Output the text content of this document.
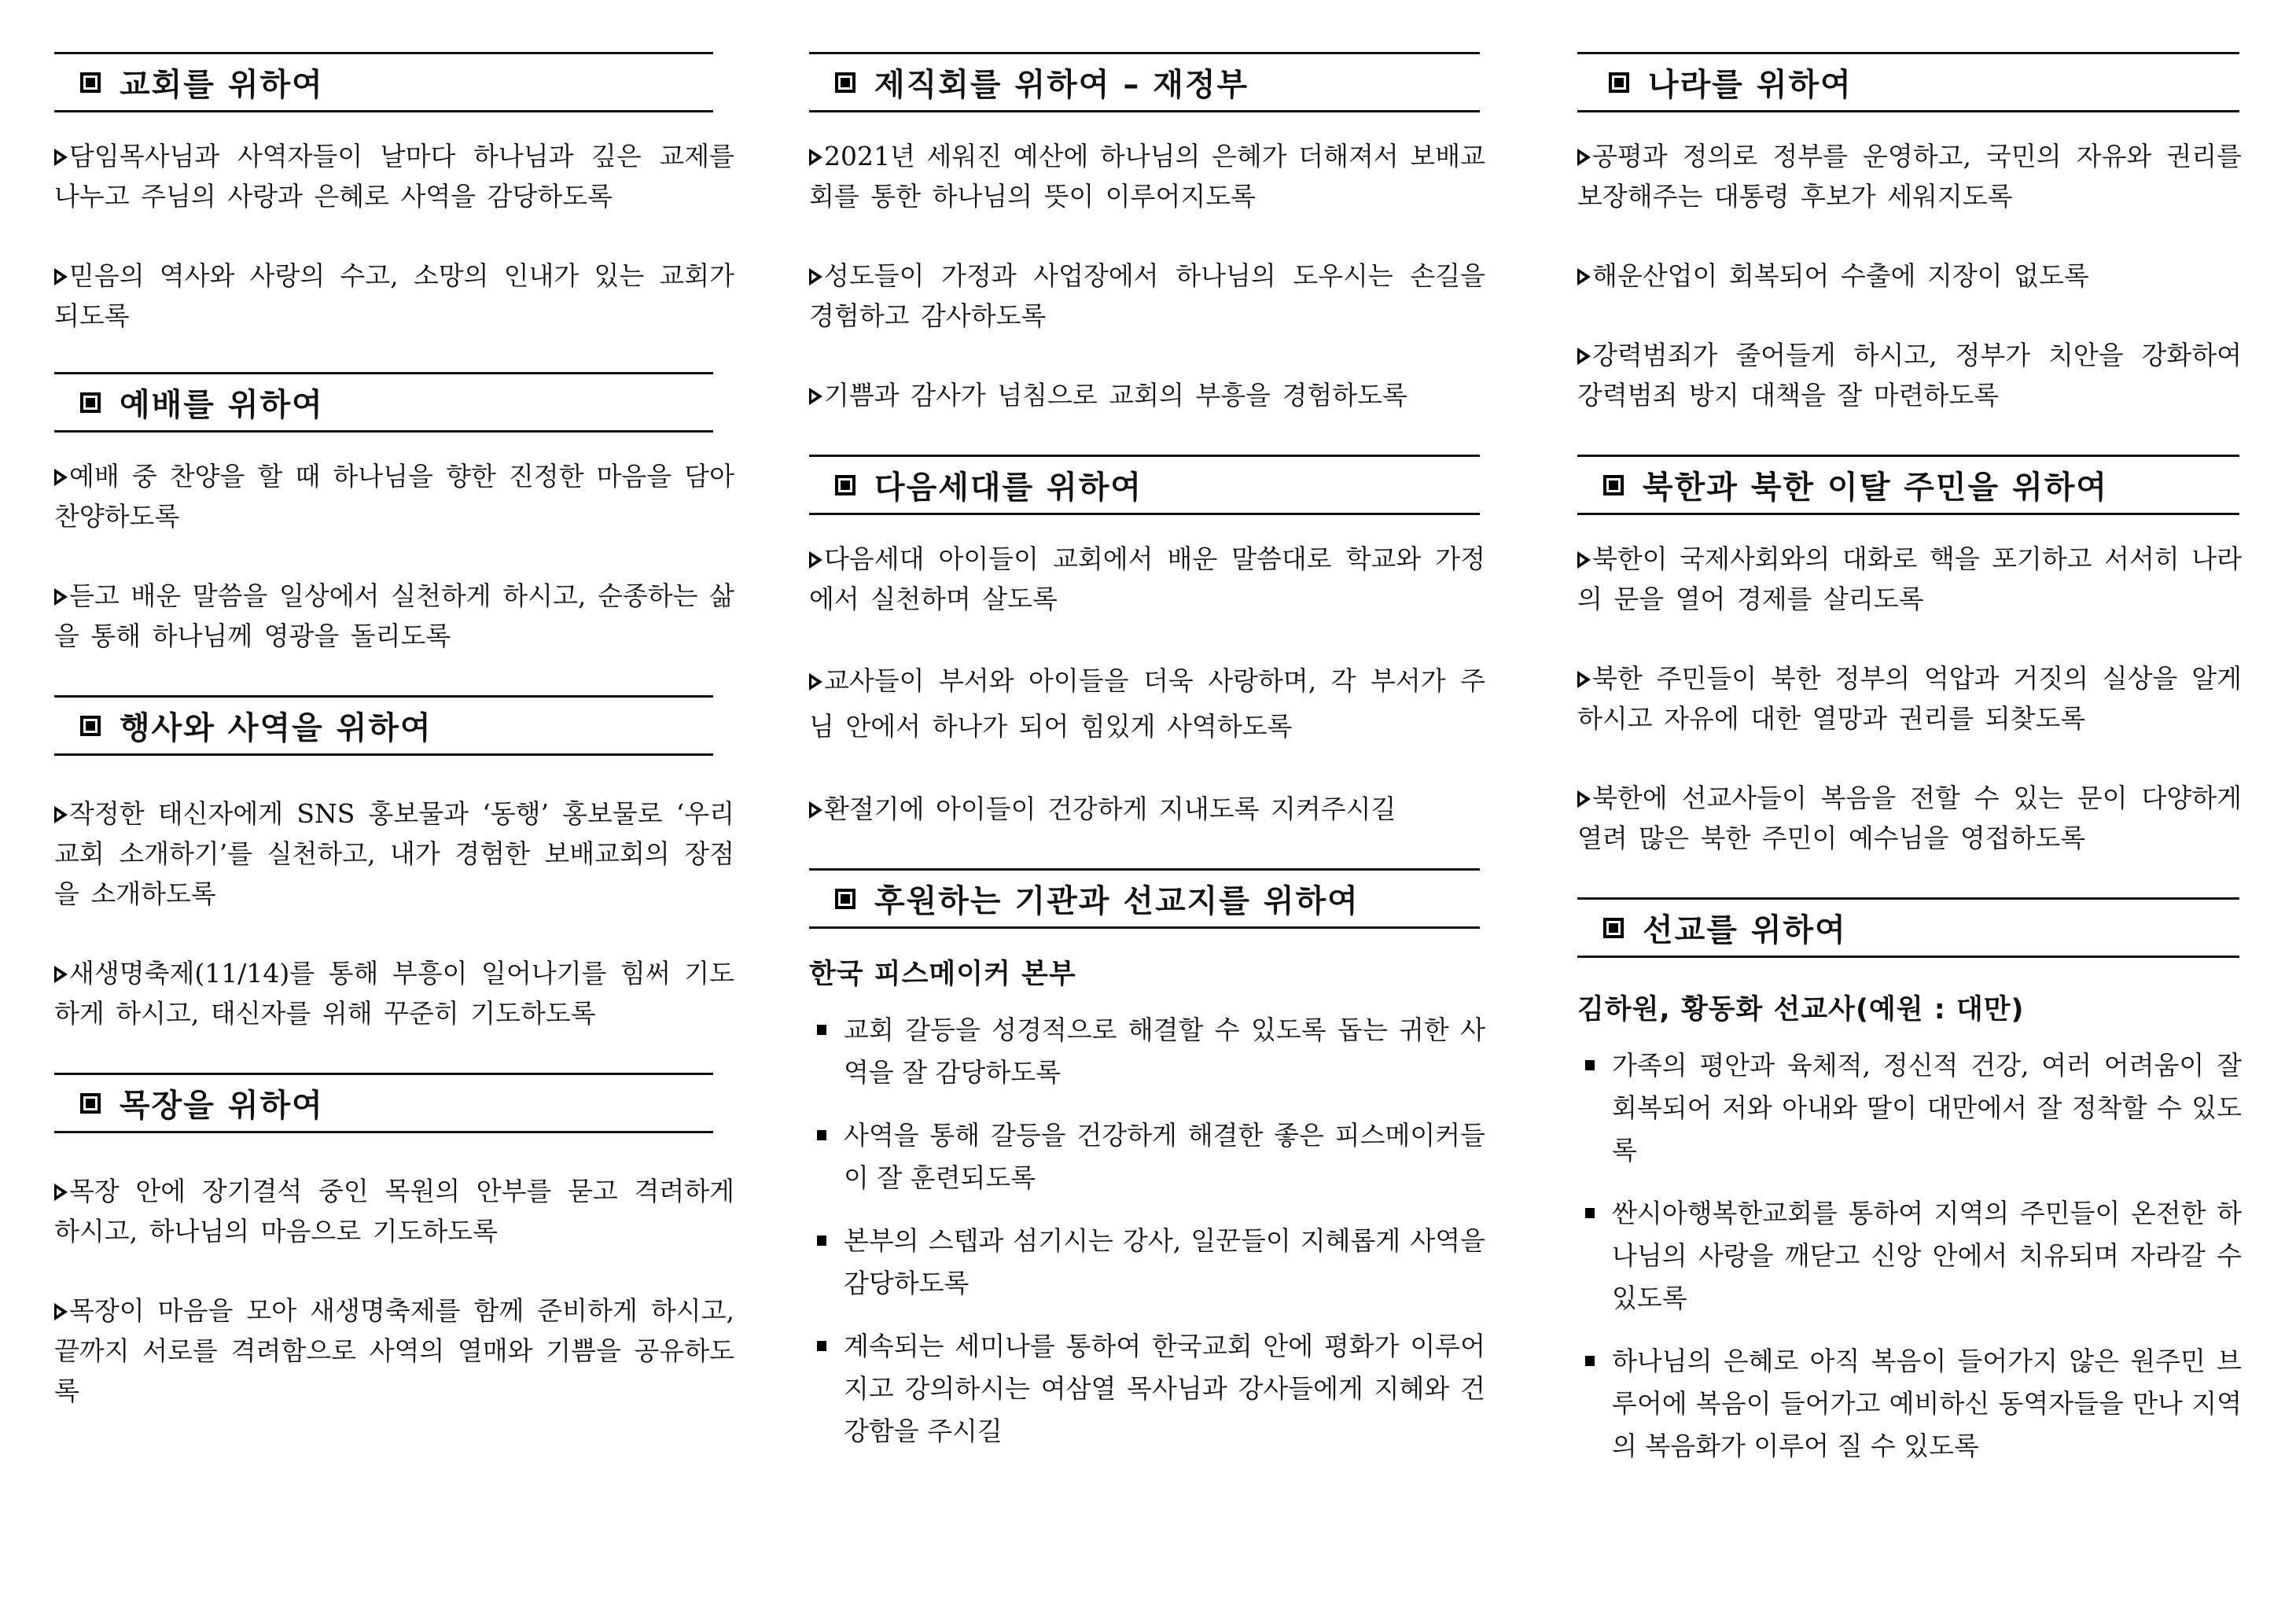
교회를 위하여
담임목사님과 사역자들이 날마다 하나님과 깊은 교제를 나누고 주님의 사랑과 은혜로 사역을 감당하도록
믿음의 역사와 사랑의 수고, 소망의 인내가 있는 교회가 되도록
예배를 위하여
예배 중 찬양을 할 때 하나님을 향한 진정한 마음을 담아 찬양하도록
듣고 배운 말씀을 일상에서 실천하게 하시고, 순종하는 삶을 통해 하나님께 영광을 돌리도록
행사와 사역을 위하여
작정한 태신자에게 SNS 홍보물과 ‘동행’ 홍보물로 ‘우리교회 소개하기’를 실천하고, 내가 경험한 보배교회의 장점을 소개하도록
새생명축제(11/14)를 통해 부흥이 일어나기를 힘써 기도하게 하시고, 태신자를 위해 꾸준히 기도하도록
목장을 위하여
목장 안에 장기결석 중인 목원의 안부를 묻고 격려하게 하시고, 하나님의 마음으로 기도하도록
목장이 마음을 모아 새생명축제를 함께 준비하게 하시고, 끝까지 서로를 격려함으로 사역의 열매와 기쁨을 공유하도록
제직회를 위하여 – 재정부
2021년 세워진 예산에 하나님의 은혜가 더해져서 보배교회를 통한 하나님의 뜻이 이루어지도록
성도들이 가정과 사업장에서 하나님의 도우시는 손길을 경험하고 감사하도록
기쁨과 감사가 넘침으로 교회의 부흥을 경험하도록
다음세대를 위하여
다음세대 아이들이 교회에서 배운 말씀대로 학교와 가정에서 실천하며 살도록
교사들이 부서와 아이들을 더욱 사랑하며, 각 부서가 주님 안에서 하나가 되어 힘있게 사역하도록
환절기에 아이들이 건강하게 지내도록 지켜주시길
후원하는 기관과 선교지를 위하여
한국 피스메이커 본부
교회 갈등을 성경적으로 해결할 수 있도록 돕는 귀한 사역을 잘 감당하도록
사역을 통해 갈등을 건강하게 해결한 좋은 피스메이커들이 잘 훈련되도록
본부의 스텝과 섬기시는 강사, 일꾼들이 지혜롭게 사역을 감당하도록
계속되는 세미나를 통하여 한국교회 안에 평화가 이루어지고 강의하시는 여삼열 목사님과 강사들에게 지혜와 건강함을 주시길
나라를 위하여
공평과 정의로 정부를 운영하고, 국민의 자유와 권리를 보장해주는 대통령 후보가 세워지도록
해운산업이 회복되어 수출에 지장이 없도록
강력범죄가 줄어들게 하시고, 정부가 치안을 강화하여 강력범죄 방지 대책을 잘 마련하도록
북한과 북한 이탈 주민을 위하여
북한이 국제사회와의 대화로 핵을 포기하고 서서히 나라의 문을 열어 경제를 살리도록
북한 주민들이 북한 정부의 억압과 거짓의 실상을 알게 하시고 자유에 대한 열망과 권리를 되찾도록
북한에 선교사들이 복음을 전할 수 있는 문이 다양하게 열려 많은 북한 주민이 예수님을 영접하도록
선교를 위하여
김하원, 황동화 선교사(예원 : 대만)
가족의 평안과 육체적, 정신적 건강, 여러 어려움이 잘 회복되어 저와 아내와 딸이 대만에서 잘 정착할 수 있도록
싼시아행복한교회를 통하여 지역의 주민들이 온전한 하나님의 사랑을 깨닫고 신앙 안에서 치유되며 자라갈 수 있도록
하나님의 은혜로 아직 복음이 들어가지 않은 원주민 브루어에 복음이 들어가고 예비하신 동역자들을 만나 지역의 복음화가 이루어 질 수 있도록
